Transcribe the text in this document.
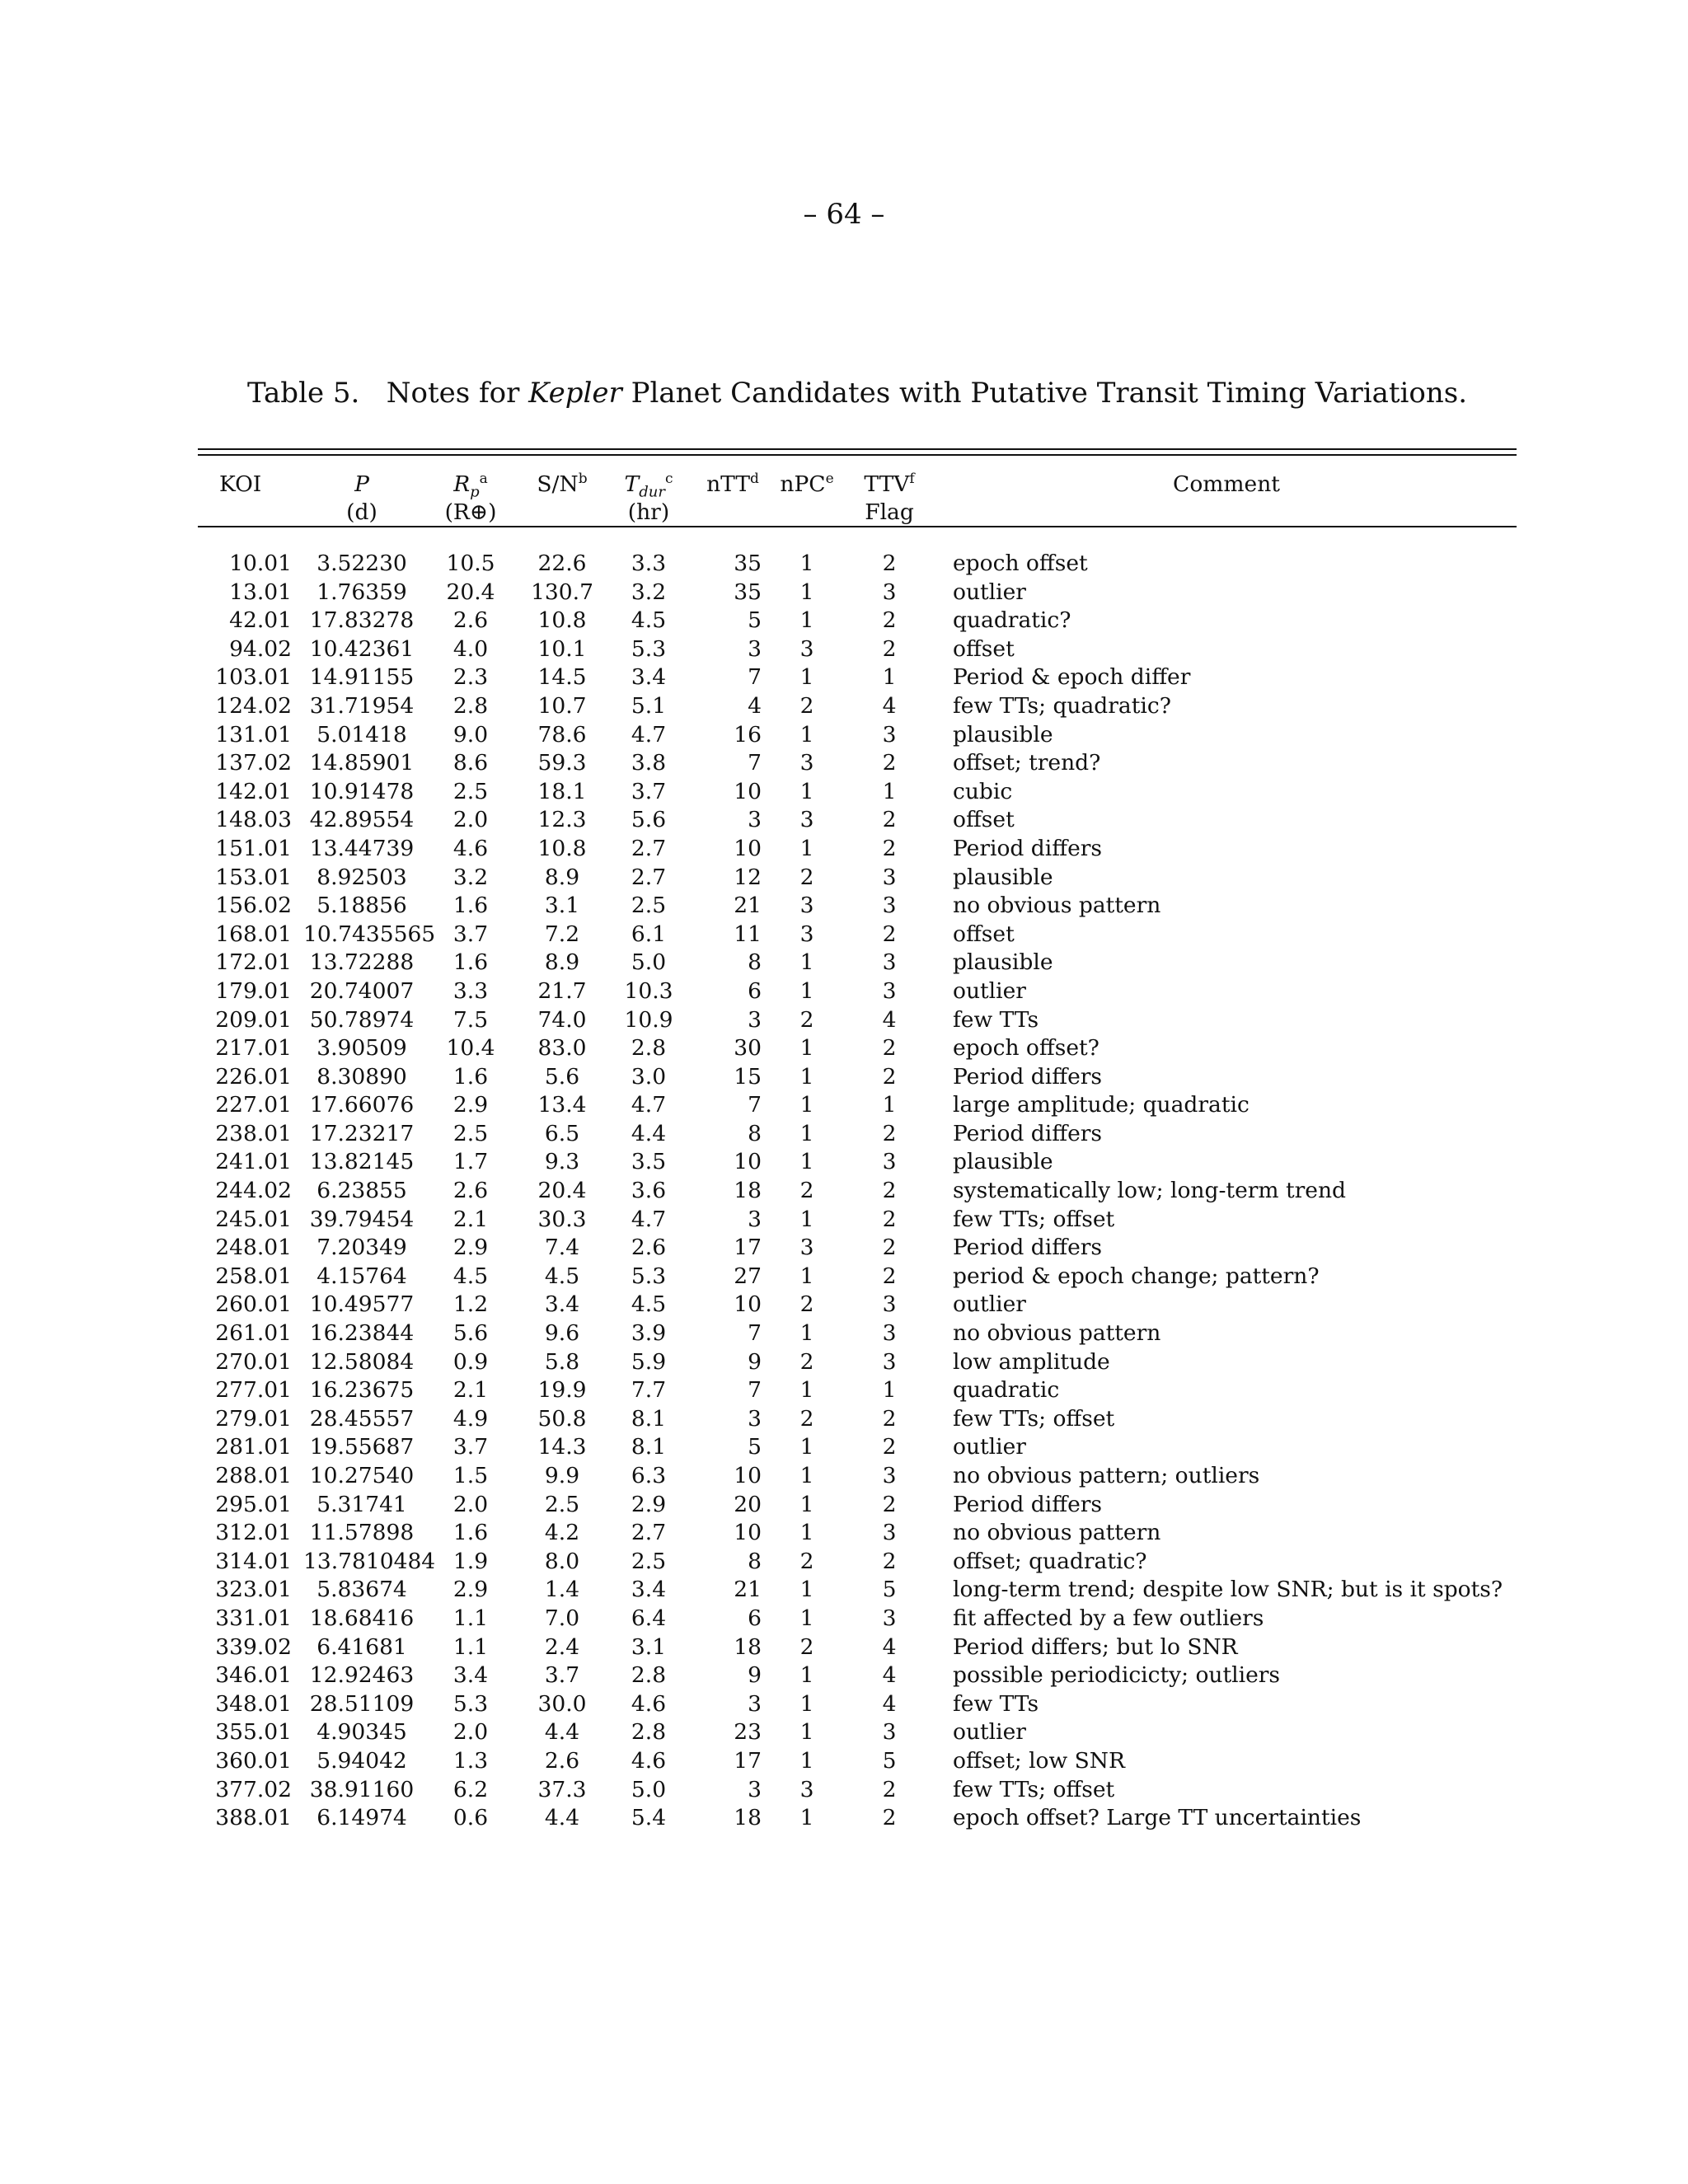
– 64 –
Table 5. Notes for Kepler Planet Candidates with Putative Transit Timing Variations.
KOI	P	$R_p^a$	$S/N^b$	$T_{dur}^c$	nTT$^d$	nPC$^e$	TTV$^f$	Comment
	(d)	(R⊕)		(hr)			Flag	
10.01	3.52230	10.5	22.6	3.3	35	1	2	epoch offset
13.01	1.76359	20.4	130.7	3.2	35	1	3	outlier
42.01	17.83278	2.6	10.8	4.5	5	1	2	quadratic?
94.02	10.42361	4.0	10.1	5.3	3	3	2	offset
103.01	14.91155	2.3	14.5	3.4	7	1	1	Period & epoch differ
124.02	31.71954	2.8	10.7	5.1	4	2	4	few TTs; quadratic?
131.01	5.01418	9.0	78.6	4.7	16	1	3	plausible
137.02	14.85901	8.6	59.3	3.8	7	3	2	offset; trend?
142.01	10.91478	2.5	18.1	3.7	10	1	1	cubic
148.03	42.89554	2.0	12.3	5.6	3	3	2	offset
151.01	13.44739	4.6	10.8	2.7	10	1	2	Period differs
153.01	8.92503	3.2	8.9	2.7	12	2	3	plausible
156.02	5.18856	1.6	3.1	2.5	21	3	3	no obvious pattern
168.01	10.7435565	3.7	7.2	6.1	11	3	2	offset
172.01	13.72288	1.6	8.9	5.0	8	1	3	plausible
179.01	20.74007	3.3	21.7	10.3	6	1	3	outlier
209.01	50.78974	7.5	74.0	10.9	3	2	4	few TTs
217.01	3.90509	10.4	83.0	2.8	30	1	2	epoch offset?
226.01	8.30890	1.6	5.6	3.0	15	1	2	Period differs
227.01	17.66076	2.9	13.4	4.7	7	1	1	large amplitude; quadratic
238.01	17.23217	2.5	6.5	4.4	8	1	2	Period differs
241.01	13.82145	1.7	9.3	3.5	10	1	3	plausible
244.02	6.23855	2.6	20.4	3.6	18	2	2	systematically low; long-term trend
245.01	39.79454	2.1	30.3	4.7	3	1	2	few TTs; offset
248.01	7.20349	2.9	7.4	2.6	17	3	2	Period differs
258.01	4.15764	4.5	4.5	5.3	27	1	2	period & epoch change; pattern?
260.01	10.49577	1.2	3.4	4.5	10	2	3	outlier
261.01	16.23844	5.6	9.6	3.9	7	1	3	no obvious pattern
270.01	12.58084	0.9	5.8	5.9	9	2	3	low amplitude
277.01	16.23675	2.1	19.9	7.7	7	1	1	quadratic
279.01	28.45557	4.9	50.8	8.1	3	2	2	few TTs; offset
281.01	19.55687	3.7	14.3	8.1	5	1	2	outlier
288.01	10.27540	1.5	9.9	6.3	10	1	3	no obvious pattern; outliers
295.01	5.31741	2.0	2.5	2.9	20	1	2	Period differs
312.01	11.57898	1.6	4.2	2.7	10	1	3	no obvious pattern
314.01	13.7810484	1.9	8.0	2.5	8	2	2	offset; quadratic?
323.01	5.83674	2.9	1.4	3.4	21	1	5	long-term trend; despite low SNR; but is it spots?
331.01	18.68416	1.1	7.0	6.4	6	1	3	fit affected by a few outliers
339.02	6.41681	1.1	2.4	3.1	18	2	4	Period differs; but lo SNR
346.01	12.92463	3.4	3.7	2.8	9	1	4	possible periodicicty; outliers
348.01	28.51109	5.3	30.0	4.6	3	1	4	few TTs
355.01	4.90345	2.0	4.4	2.8	23	1	3	outlier
360.01	5.94042	1.3	2.6	4.6	17	1	5	offset; low SNR
377.02	38.91160	6.2	37.3	5.0	3	3	2	few TTs; offset
388.01	6.14974	0.6	4.4	5.4	18	1	2	epoch offset? Large TT uncertainties
